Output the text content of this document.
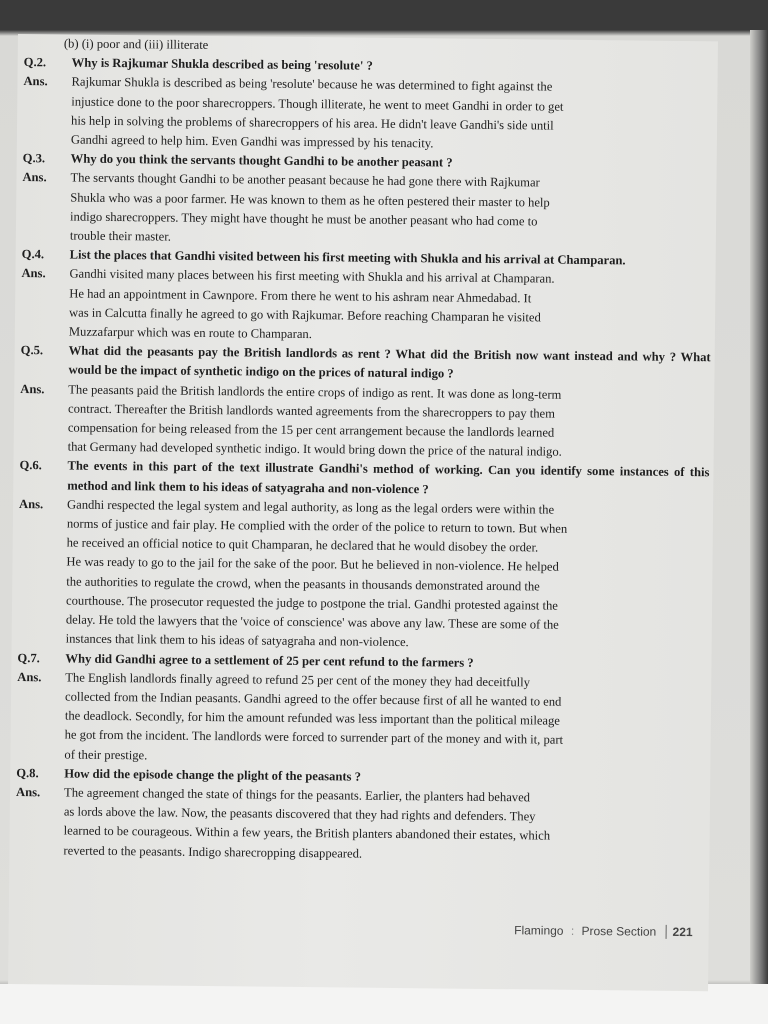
(b) (i) poor and (iii) illiterate
Q.2.	Why is Rajkumar Shukla described as being 'resolute' ?
Ans.	Rajkumar Shukla is described as being 'resolute' because he was determined to fight against the
injustice done to the poor sharecroppers. Though illiterate, he went to meet Gandhi in order to get
his help in solving the problems of sharecroppers of his area. He didn't leave Gandhi's side until
Gandhi agreed to help him. Even Gandhi was impressed by his tenacity.
Q.3.	Why do you think the servants thought Gandhi to be another peasant ?
Ans.	The servants thought Gandhi to be another peasant because he had gone there with Rajkumar
Shukla who was a poor farmer. He was known to them as he often pestered their master to help
indigo sharecroppers. They might have thought he must be another peasant who had come to
trouble their master.
Q.4.	List the places that Gandhi visited between his first meeting with Shukla and his arrival at Champaran.
Ans.	Gandhi visited many places between his first meeting with Shukla and his arrival at Champaran.
He had an appointment in Cawnpore. From there he went to his ashram near Ahmedabad. It
was in Calcutta finally he agreed to go with Rajkumar. Before reaching Champaran he visited
Muzzafarpur which was en route to Champaran.
Q.5.	What did the peasants pay the British landlords as rent ? What did the British now want instead and why ? What would be the impact of synthetic indigo on the prices of natural indigo ?
Ans.	The peasants paid the British landlords the entire crops of indigo as rent. It was done as long-term
contract. Thereafter the British landlords wanted agreements from the sharecroppers to pay them
compensation for being released from the 15 per cent arrangement because the landlords learned
that Germany had developed synthetic indigo. It would bring down the price of the natural indigo.
Q.6.	The events in this part of the text illustrate Gandhi's method of working. Can you identify some instances of this method and link them to his ideas of satyagraha and non-violence ?
Ans.	Gandhi respected the legal system and legal authority, as long as the legal orders were within the
norms of justice and fair play. He complied with the order of the police to return to town. But when
he received an official notice to quit Champaran, he declared that he would disobey the order.
He was ready to go to the jail for the sake of the poor. But he believed in non-violence. He helped
the authorities to regulate the crowd, when the peasants in thousands demonstrated around the
courthouse. The prosecutor requested the judge to postpone the trial. Gandhi protested against the
delay. He told the lawyers that the 'voice of conscience' was above any law. These are some of the
instances that link them to his ideas of satyagraha and non-violence.
Q.7.	Why did Gandhi agree to a settlement of 25 per cent refund to the farmers ?
Ans.	The English landlords finally agreed to refund 25 per cent of the money they had deceitfully
collected from the Indian peasants. Gandhi agreed to the offer because first of all he wanted to end
the deadlock. Secondly, for him the amount refunded was less important than the political mileage
he got from the incident. The landlords were forced to surrender part of the money and with it, part
of their prestige.
Q.8.	How did the episode change the plight of the peasants ?
Ans.	The agreement changed the state of things for the peasants. Earlier, the planters had behaved
as lords above the law. Now, the peasants discovered that they had rights and defenders. They
learned to be courageous. Within a few years, the British planters abandoned their estates, which
reverted to the peasants. Indigo sharecropping disappeared.
Flamingo : Prose Section 221
